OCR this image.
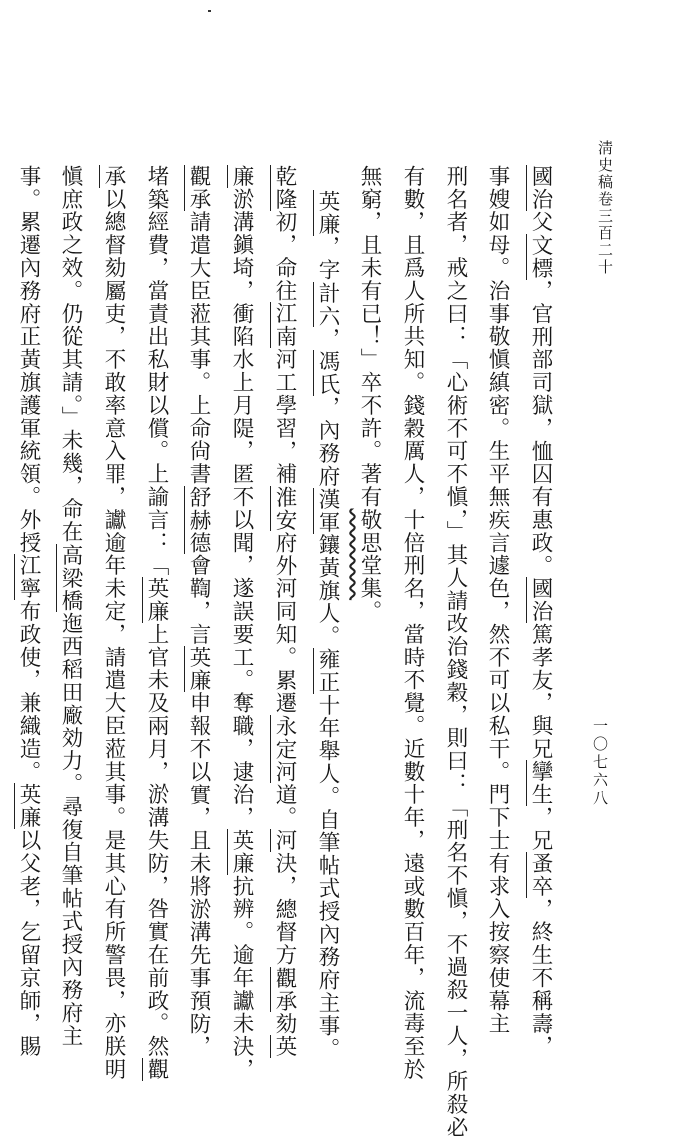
淸史稿卷三百二十
一〇七六八
國治父文標，官刑部司獄，恤囚有惠政。國治篤孝友，與兄攣生，兄蚤卒，終生不稱壽，
事嫂如母。治事敬愼縝密。生平無疾言遽色，然不可以私干。門下士有求入按察使幕主
刑名者，戒之曰：「心術不可不愼，」其人請改治錢穀，則曰：「刑名不愼，不過殺一人，所殺必
有數，且爲人所共知。錢穀厲人，十倍刑名，當時不覺。近數十年，遠或數百年，流毒至於
無窮，且未有已！」卒不許。著有敬思堂集。
英廉，字計六，馮氏，內務府漢軍鑲黃旗人。雍正十年舉人。自筆帖式授內務府主事。
乾隆初，命往江南河工學習，補淮安府外河同知。累遷永定河道。河決，總督方觀承劾英
廉淤溝鎭埼，衝陷水上月隄，匿不以聞，遂誤要工。奪職，逮治，英廉抗辨。逾年讞未決，
觀承請遣大臣蒞其事。上命尙書舒赫德會鞫，言英廉申報不以實，且未將淤溝先事預防，
堵築經費，當責出私財以償。上諭言：「英廉上官未及兩月，淤溝失防，咎實在前政。然觀
承以總督劾屬吏，不敢率意入罪，讞逾年未定，請遣大臣蒞其事。是其心有所警畏，亦朕明
愼庶政之效。仍從其請。」未幾，命在高梁橋迤西稻田廠効力。尋復自筆帖式授內務府主
事。累遷內務府正黃旗護軍統領。外授江寧布政使，兼織造。英廉以父老，乞留京師，賜
